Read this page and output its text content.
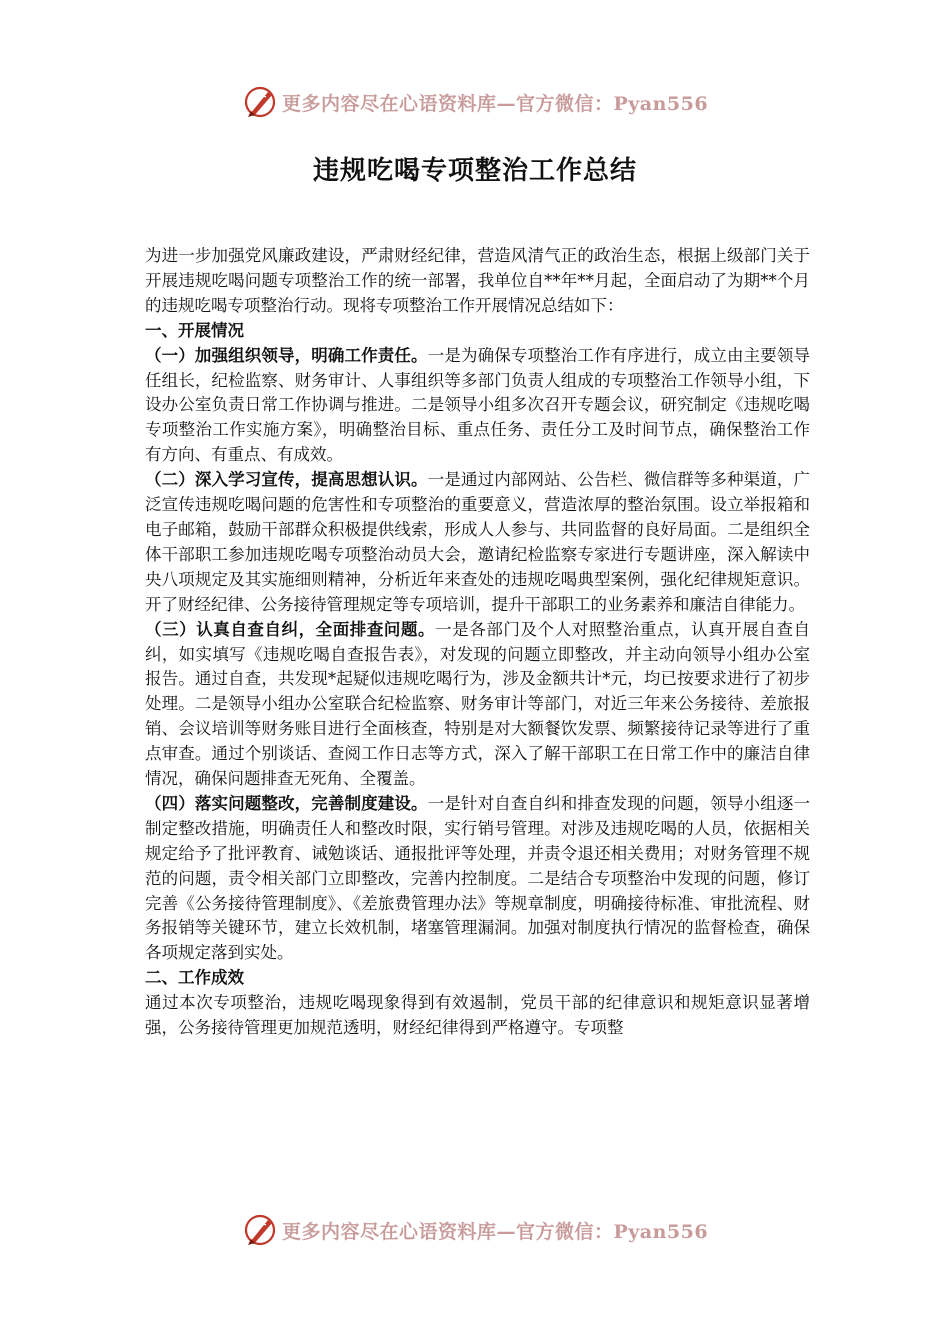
更多内容尽在心语资料库—官方微信：Pyan556
违规吃喝专项整治工作总结

为进一步加强党风廉政建设，严肃财经纪律，营造风清气正的政治生态，根据上级部门关于开展违规吃喝问题专项整治工作的统一部署，我单位自**年**月起，全面启动了为期**个月的违规吃喝专项整治行动。现将专项整治工作开展情况总结如下：

一、开展情况

（一）加强组织领导，明确工作责任。一是为确保专项整治工作有序进行，成立由主要领导任组长，纪检监察、财务审计、人事组织等多部门负责人组成的专项整治工作领导小组，下设办公室负责日常工作协调与推进。二是领导小组多次召开专题会议，研究制定《违规吃喝专项整治工作实施方案》，明确整治目标、重点任务、责任分工及时间节点，确保整治工作有方向、有重点、有成效。

（二）深入学习宣传，提高思想认识。一是通过内部网站、公告栏、微信群等多种渠道，广泛宣传违规吃喝问题的危害性和专项整治的重要意义，营造浓厚的整治氛围。设立举报箱和电子邮箱，鼓励干部群众积极提供线索，形成人人参与、共同监督的良好局面。二是组织全体干部职工参加违规吃喝专项整治动员大会，邀请纪检监察专家进行专题讲座，深入解读中央八项规定及其实施细则精神，分析近年来查处的违规吃喝典型案例，强化纪律规矩意识。开了财经纪律、公务接待管理规定等专项培训，提升干部职工的业务素养和廉洁自律能力。

（三）认真自查自纠，全面排查问题。一是各部门及个人对照整治重点，认真开展自查自纠，如实填写《违规吃喝自查报告表》，对发现的问题立即整改，并主动向领导小组办公室报告。通过自查，共发现*起疑似违规吃喝行为，涉及金额共计*元，均已按要求进行了初步处理。二是领导小组办公室联合纪检监察、财务审计等部门，对近三年来公务接待、差旅报销、会议培训等财务账目进行全面核查，特别是对大额餐饮发票、频繁接待记录等进行了重点审查。通过个别谈话、查阅工作日志等方式，深入了解干部职工在日常工作中的廉洁自律情况，确保问题排查无死角、全覆盖。

（四）落实问题整改，完善制度建设。一是针对自查自纠和排查发现的问题，领导小组逐一制定整改措施，明确责任人和整改时限，实行销号管理。对涉及违规吃喝的人员，依据相关规定给予了批评教育、诫勉谈话、通报批评等处理，并责令退还相关费用；对财务管理不规范的问题，责令相关部门立即整改，完善内控制度。二是结合专项整治中发现的问题，修订完善《公务接待管理制度》、《差旅费管理办法》等规章制度，明确接待标准、审批流程、财务报销等关键环节，建立长效机制，堵塞管理漏洞。加强对制度执行情况的监督检查，确保各项规定落到实处。

二、工作成效

通过本次专项整治，违规吃喝现象得到有效遏制，党员干部的纪律意识和规矩意识显著增强，公务接待管理更加规范透明，财经纪律得到严格遵守。专项整

更多内容尽在心语资料库—官方微信：Pyan556
